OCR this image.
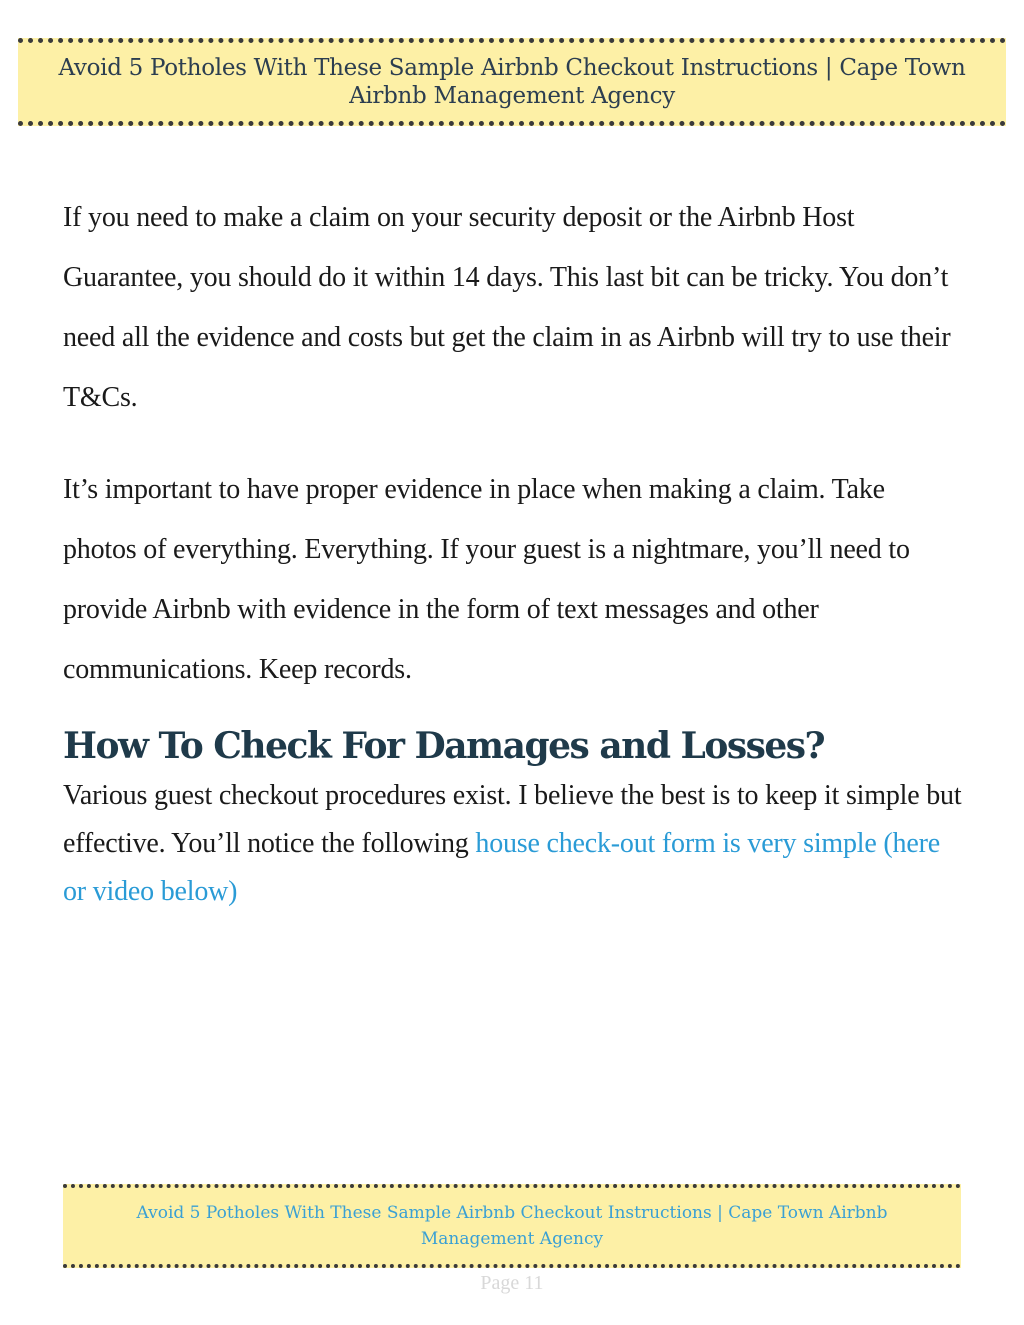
Avoid 5 Potholes With These Sample Airbnb Checkout Instructions | Cape Town Airbnb Management Agency

If you need to make a claim on your security deposit or the Airbnb Host Guarantee, you should do it within 14 days. This last bit can be tricky. You don’t need all the evidence and costs but get the claim in as Airbnb will try to use their T&Cs.

It’s important to have proper evidence in place when making a claim. Take photos of everything. Everything. If your guest is a nightmare, you’ll need to provide Airbnb with evidence in the form of text messages and other communications. Keep records.

How To Check For Damages and Losses?

Various guest checkout procedures exist. I believe the best is to keep it simple but effective. You’ll notice the following house check-out form is very simple (here or video below)

Avoid 5 Potholes With These Sample Airbnb Checkout Instructions | Cape Town Airbnb Management Agency
Page 11
